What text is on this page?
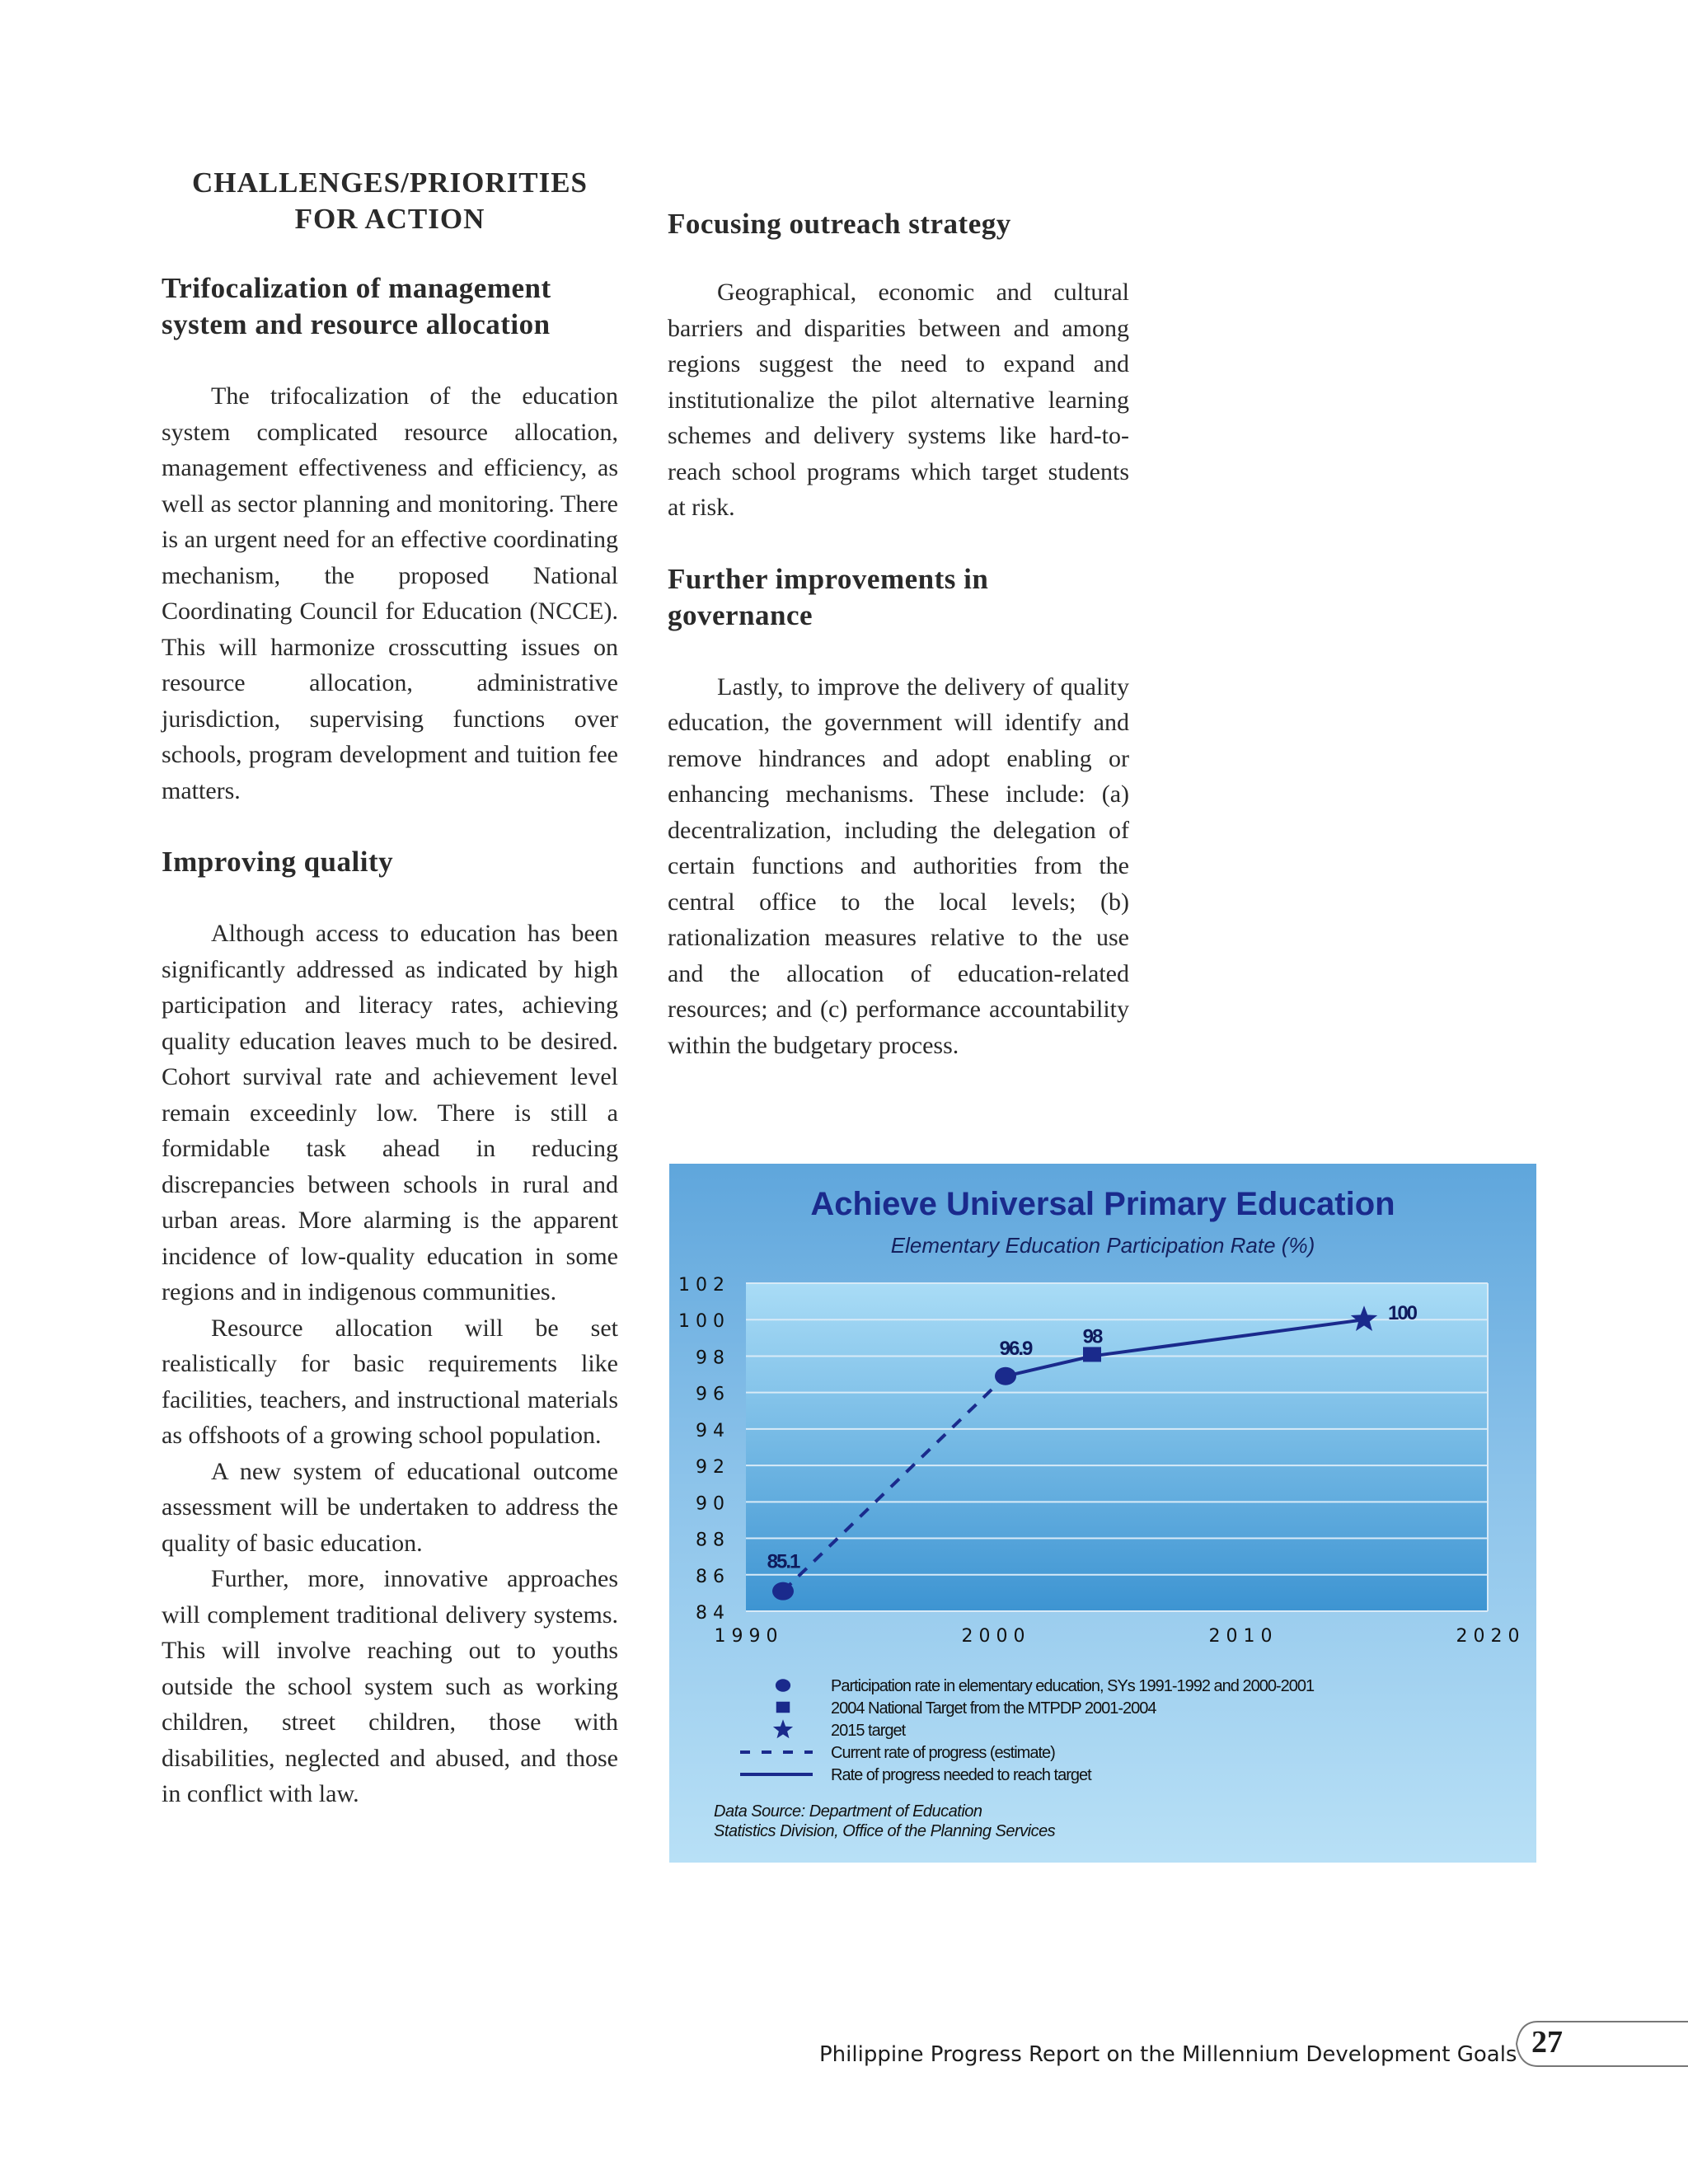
CHALLENGES/PRIORITIES
FOR ACTION
Trifocalization of management system and resource allocation

The trifocalization of the education system complicated resource allocation, management effectiveness and efficiency, as well as sector planning and monitoring. There is an urgent need for an effective coordinating mechanism, the proposed National Coordinating Council for Education (NCCE). This will harmonize crosscutting issues on resource allocation, administrative jurisdiction, supervising functions over schools, program development and tuition fee matters.

Improving quality

Although access to education has been significantly addressed as indicated by high participation and literacy rates, achieving quality education leaves much to be desired. Cohort survival rate and achievement level remain exceedinly low. There is still a formidable task ahead in reducing discrepancies between schools in rural and urban areas. More alarming is the apparent incidence of low-quality education in some regions and in indigenous communities.

Resource allocation will be set realistically for basic requirements like facilities, teachers, and instructional materials as offshoots of a growing school population.

A new system of educational outcome assessment will be undertaken to address the quality of basic education.

Further, more, innovative approaches will complement traditional delivery systems. This will involve reaching out to youths outside the school system such as working children, street children, those with disabilities, neglected and abused, and those in conflict with law.

Focusing outreach strategy

Geographical, economic and cultural barriers and disparities between and among regions suggest the need to expand and institutionalize the pilot alternative learning schemes and delivery systems like hard-to-reach school programs which target students at risk.

Further improvements in governance

Lastly, to improve the delivery of quality education, the government will identify and remove hindrances and adopt enabling or enhancing mechanisms. These include: (a) decentralization, including the delegation of certain functions and authorities from the central office to the local levels; (b) rationalization measures relative to the use and the allocation of education-related resources; and (c) performance accountability within the budgetary process.

Achieve Universal Primary Education
Elementary Education Participation Rate (%)
8 4
8 6
8 8
9 0
9 2
9 4
9 6
9 8
1 0 0
1 0 2
1 9 9 0	2 0 0 0	2 0 1 0	2 0 2 0
85.1
96.9
98
100
Participation rate in elementary education, SYs 1991-1992 and 2000-2001
2004 National Target from the MTPDP 2001-2004
2015 target
Current rate of progress (estimate)
Rate of progress needed to reach target
Data Source: Department of Education
Statistics Division, Office of the Planning Services
Philippine Progress Report on the Millennium Development Goals 27
